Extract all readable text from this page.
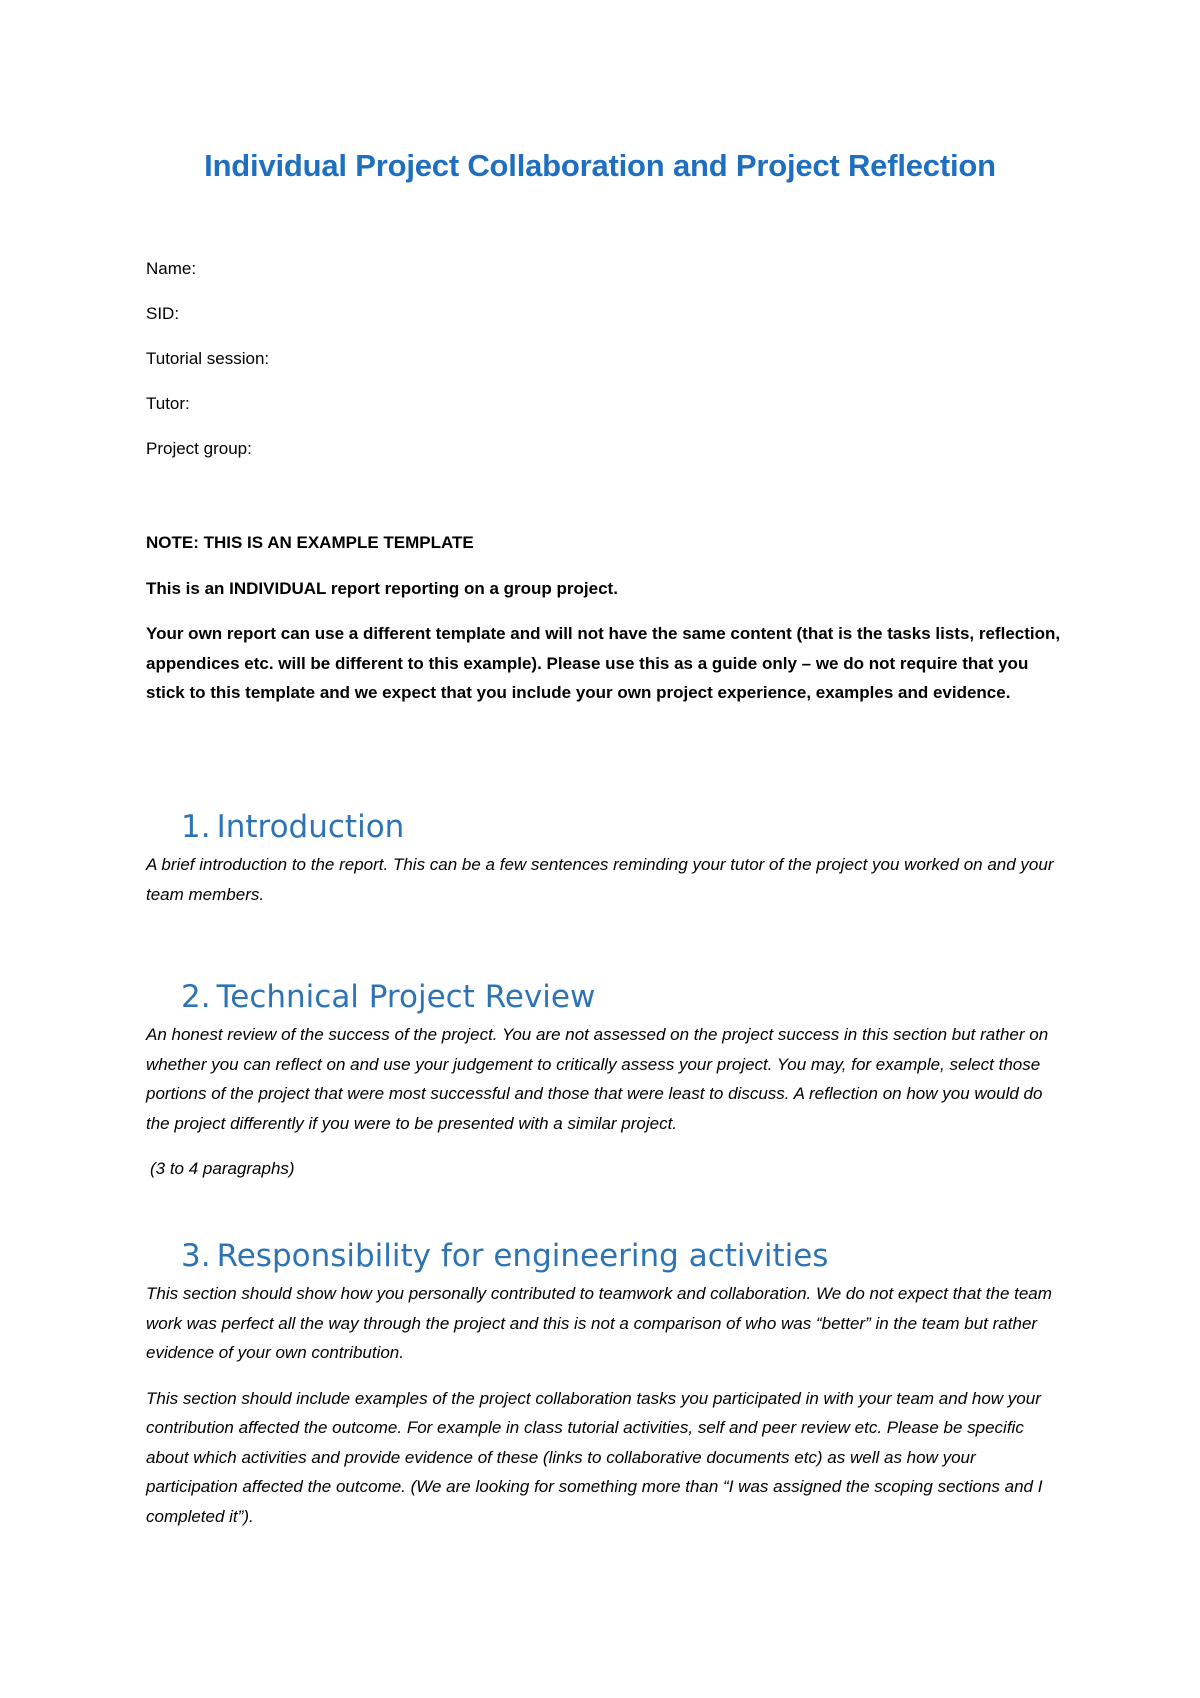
Individual Project Collaboration and Project Reflection
Name:
SID:
Tutorial session:
Tutor:
Project group:

NOTE: THIS IS AN EXAMPLE TEMPLATE

This is an INDIVIDUAL report reporting on a group project.

Your own report can use a different template and will not have the same content (that is the tasks lists, reflection, appendices etc. will be different to this example). Please use this as a guide only – we do not require that you stick to this template and we expect that you include your own project experience, examples and evidence.

1. Introduction

A brief introduction to the report. This can be a few sentences reminding your tutor of the project you worked on and your team members.

2. Technical Project Review

An honest review of the success of the project. You are not assessed on the project success in this section but rather on whether you can reflect on and use your judgement to critically assess your project. You may, for example, select those portions of the project that were most successful and those that were least to discuss. A reflection on how you would do the project differently if you were to be presented with a similar project.

(3 to 4 paragraphs)

3. Responsibility for engineering activities

This section should show how you personally contributed to teamwork and collaboration. We do not expect that the team work was perfect all the way through the project and this is not a comparison of who was “better” in the team but rather evidence of your own contribution.

This section should include examples of the project collaboration tasks you participated in with your team and how your contribution affected the outcome. For example in class tutorial activities, self and peer review etc. Please be specific about which activities and provide evidence of these (links to collaborative documents etc) as well as how your participation affected the outcome. (We are looking for something more than “I was assigned the scoping sections and I completed it”).
